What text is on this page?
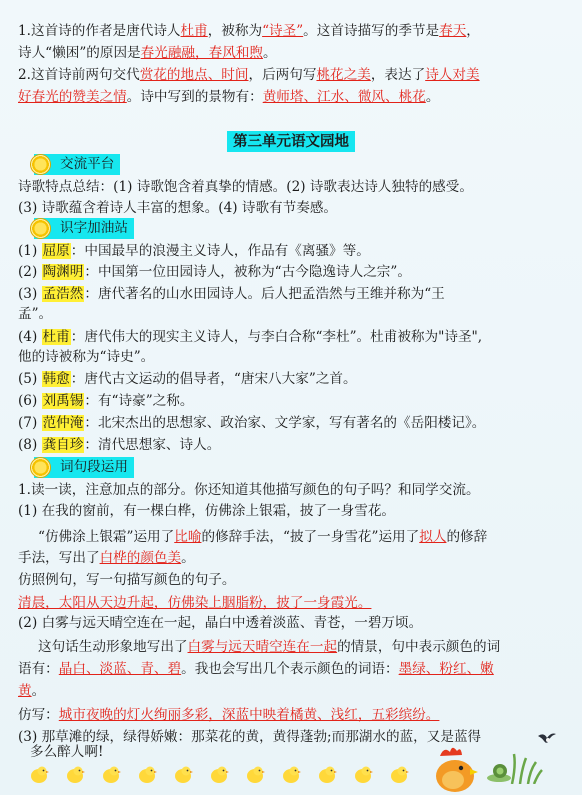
1.这首诗的作者是唐代诗人杜甫，被称为“诗圣”。这首诗描写的季节是春天，
诗人“懒困”的原因是春光融融，春风和煦。
2.这首诗前两句交代赏花的地点、时间，后两句写桃花之美，表达了诗人对美
好春光的赞美之情。诗中写到的景物有：黄师塔、江水、微风、桃花。
第三单元语文园地
交流平台
诗歌特点总结：(1) 诗歌饱含着真挚的情感。(2) 诗歌表达诗人独特的感受。
(3) 诗歌蕴含着诗人丰富的想象。(4) 诗歌有节奏感。
识字加油站
(1) 屈原：中国最早的浪漫主义诗人，作品有《离骚》等。
(2) 陶渊明：中国第一位田园诗人，被称为“古今隐逸诗人之宗”。
(3) 孟浩然：唐代著名的山水田园诗人。后人把孟浩然与王维并称为“王
孟”。
(4) 杜甫：唐代伟大的现实主义诗人，与李白合称“李杜”。杜甫被称为"诗圣",
他的诗被称为“诗史”。
(5) 韩愈：唐代古文运动的倡导者，“唐宋八大家”之首。
(6) 刘禹锡：有“诗豪”之称。
(7) 范仲淹：北宋杰出的思想家、政治家、文学家，写有著名的《岳阳楼记》。
(8) 龚自珍：清代思想家、诗人。
词句段运用
1.读一读，注意加点的部分。你还知道其他描写颜色的句子吗？和同学交流。
(1) 在我的窗前，有一棵白桦，仿佛涂上银霜，披了一身雪花。
“仿佛涂上银霜”运用了比喻的修辞手法，“披了一身雪花”运用了拟人的修辞
手法，写出了白桦的颜色美。
仿照例句，写一句描写颜色的句子。
清晨，太阳从天边升起，仿佛染上胭脂粉，披了一身霞光。
(2) 白雾与远天晴空连在一起，晶白中透着淡蓝、青苍，一碧万顷。
这句话生动形象地写出了白雾与远天晴空连在一起的情景，句中表示颜色的词
语有：晶白、淡蓝、青、碧。我也会写出几个表示颜色的词语：墨绿、粉红、嫩
黄。
仿写：城市夜晚的灯火绚丽多彩，深蓝中映着橘黄、浅红，五彩缤纷。
(3) 那草滩的绿，绿得娇嫩：那菜花的黄，黄得蓬勃;而那湖水的蓝，又是蓝得
多么醉人啊!
